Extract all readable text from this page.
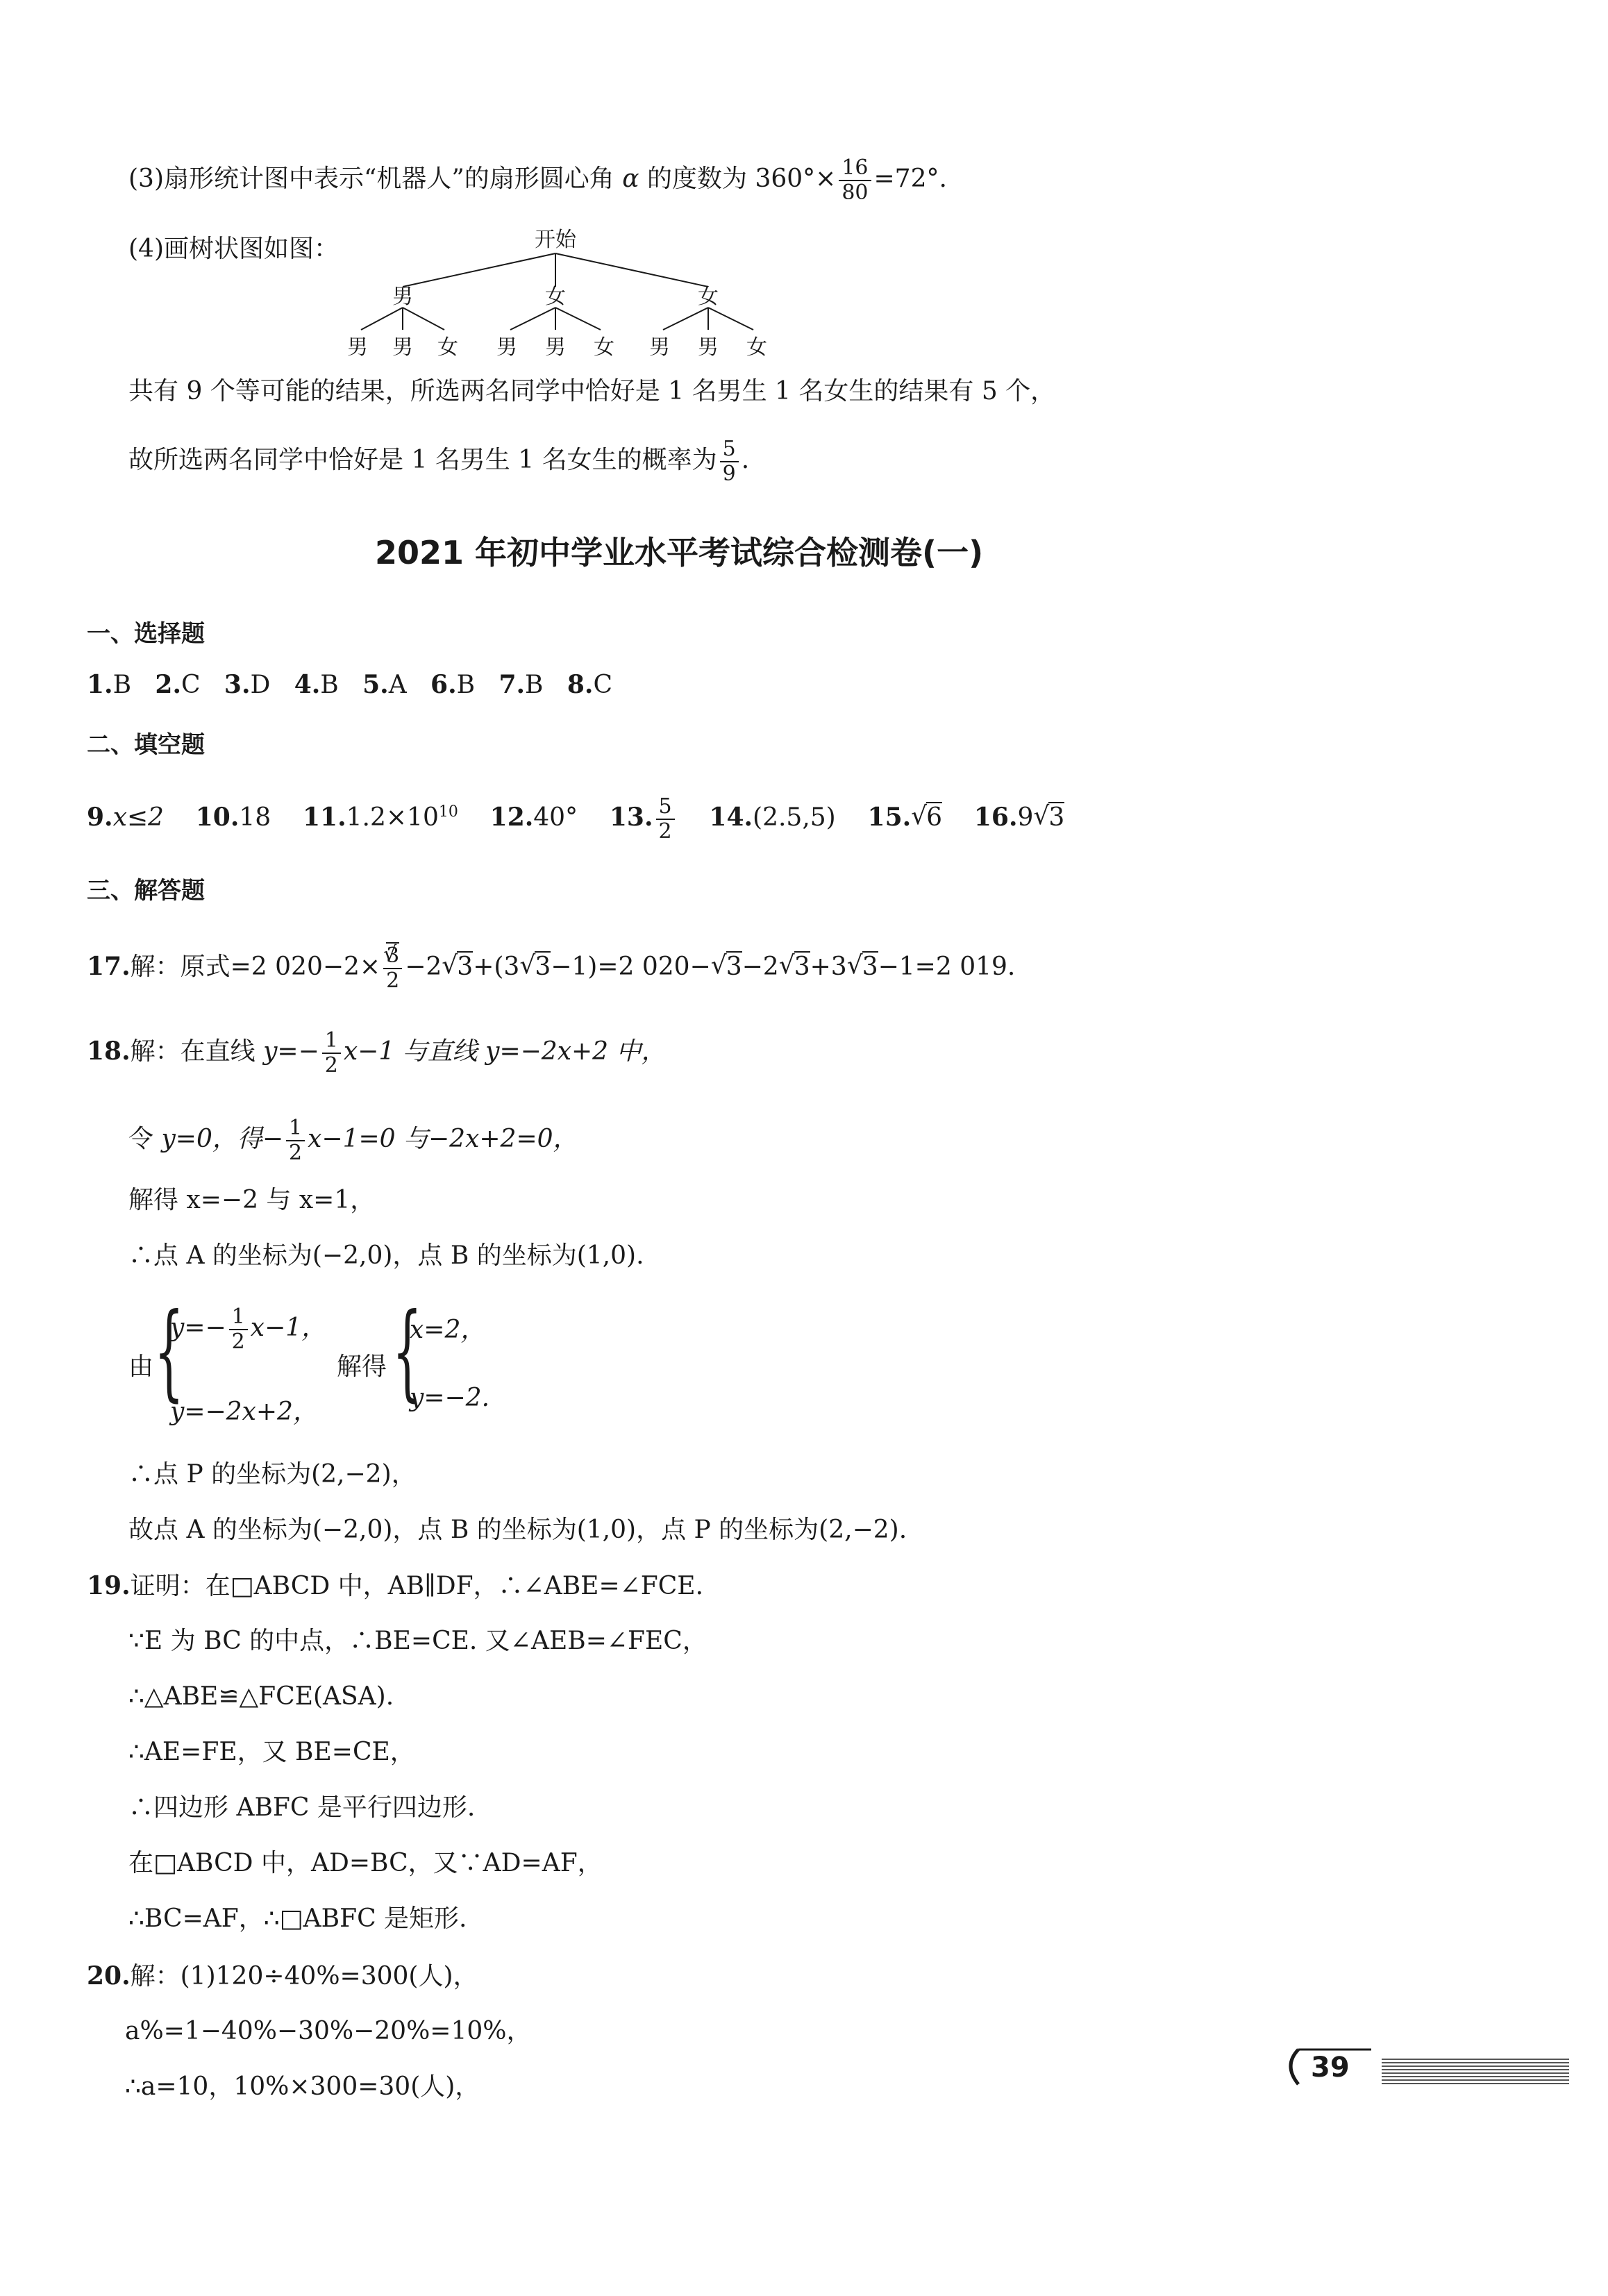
(3)扇形统计图中表示“机器人”的扇形圆心角 α 的度数为 $360^\circ\times \frac{16}{80} =72^\circ$.
(4)画树状图如图：	开始
男	女	女
男 男 女 男 男 女 男 男 女
共有 9 个等可能的结果，所选两名同学中恰好是 1 名男生 1 名女生的结果有 5 个，
故所选两名同学中恰好是 1 名男生 1 名女生的概率为 $\frac{5}{9}$ .
2021 年初中学业水平考试综合检测卷(一)
一、选择题
1.B 2.C 3.D 4.B 5.A 6.B 7.B 8.C
二、填空题
9.x≤2 10.18 $11.1.2\times 10^{10}$ 12.40° 13. $\frac{5}{2} 14.(2.5,5)$ 15.√ 6 16.9√ 3
三、解答题
17.解：原式=2 020−2×
√ $\frac{3}{2} -2√$ 3+(3√ 3−1)=2 020−√ 3−2√ 3+3√ 3−1=2 019.
18.解：在直线 $y=- \frac{1}{2} x-1$ 与直线 y=−2x+2 中，
令 y=0，得− $\frac{1}{2} x-1=0$ 与−2x+2=0，
解得 x=−2 与 x=1，
∴点 A 的坐标为(−2,0)，点 B 的坐标为(1,0).
由 {
$y=- \frac{1}{2} x-1$，
y=−2x+2，
解得 {
x=2，
y=−2.
∴点 P 的坐标为(2,−2)，
故点 A 的坐标为(−2,0)，点 B 的坐标为(1,0)，点 P 的坐标为(2,−2).
19.证明：在□ABCD 中，AB∥DF，∴∠ABE=∠FCE.
∵E 为 BC 的中点，∴BE=CE. 又∠AEB=∠FEC，
∴△ABE≌△FCE(ASA).
∴AE=FE，又 BE=CE，
∴四边形 ABFC 是平行四边形.
在□ABCD 中，AD=BC，又∵AD=AF，
∴BC=AF，∴□ABFC 是矩形.
20.解：(1)120÷40%=300(人)，
a%=1−40%−30%−20%=10%，
∴a=10，10%×300=30(人)，
39
